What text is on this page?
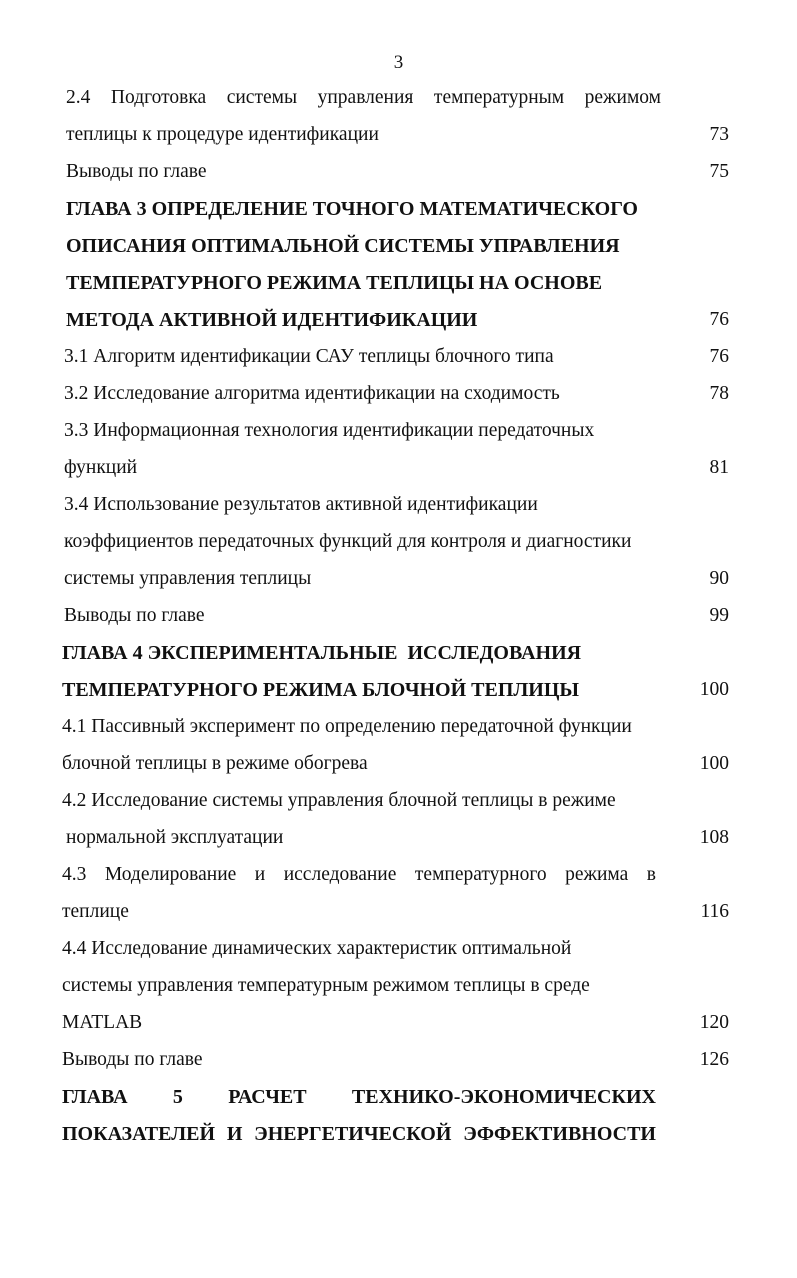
3
2.4 Подготовка системы управления температурным режимом
теплицы к процедуре идентификации	73
Выводы по главе	75
ГЛАВА 3 ОПРЕДЕЛЕНИЕ ТОЧНОГО МАТЕМАТИЧЕСКОГО
ОПИСАНИЯ ОПТИМАЛЬНОЙ СИСТЕМЫ УПРАВЛЕНИЯ
ТЕМПЕРАТУРНОГО РЕЖИМА ТЕПЛИЦЫ НА ОСНОВЕ
МЕТОДА АКТИВНОЙ ИДЕНТИФИКАЦИИ	76
3.1 Алгоритм идентификации САУ теплицы блочного типа	76
3.2 Исследование алгоритма идентификации на сходимость	78
3.3 Информационная технология идентификации передаточных
функций	81
3.4 Использование результатов активной идентификации
коэффициентов передаточных функций для контроля и диагностики
системы управления теплицы	90
Выводы по главе	99
ГЛАВА 4 ЭКСПЕРИМЕНТАЛЬНЫЕ  ИССЛЕДОВАНИЯ
ТЕМПЕРАТУРНОГО РЕЖИМА БЛОЧНОЙ ТЕПЛИЦЫ	100
4.1 Пассивный эксперимент по определению передаточной функции
блочной теплицы в режиме обогрева	100
4.2 Исследование системы управления блочной теплицы в режиме
нормальной эксплуатации	108
4.3 Моделирование и исследование температурного режима в
теплице	116
4.4 Исследование динамических характеристик оптимальной
системы управления температурным режимом теплицы в среде
MATLAB	120
Выводы по главе	126
ГЛАВА 5 РАСЧЕТ ТЕХНИКО-ЭКОНОМИЧЕСКИХ
ПОКАЗАТЕЛЕЙ И ЭНЕРГЕТИЧЕСКОЙ ЭФФЕКТИВНОСТИ
